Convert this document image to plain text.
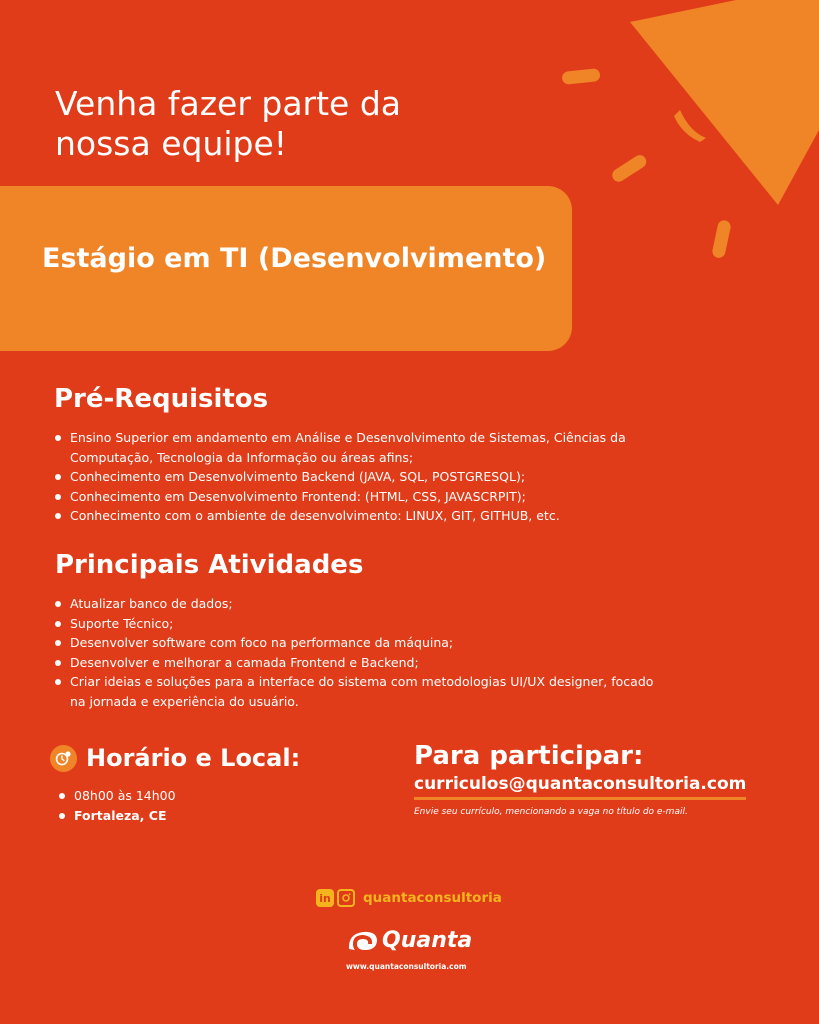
Venha fazer parte da nossa equipe!
Estágio em TI (Desenvolvimento)
Pré-Requisitos
Ensino Superior em andamento em Análise e Desenvolvimento de Sistemas, Ciências da Computação, Tecnologia da Informação ou áreas afins;
Conhecimento em Desenvolvimento Backend (JAVA, SQL, POSTGRESQL);
Conhecimento em Desenvolvimento Frontend: (HTML, CSS, JAVASCRPIT);
Conhecimento com o ambiente de desenvolvimento: LINUX, GIT, GITHUB, etc.
Principais Atividades
Atualizar banco de dados;
Suporte Técnico;
Desenvolver software com foco na performance da máquina;
Desenvolver e melhorar a camada Frontend e Backend;
Criar ideias e soluções para a interface do sistema com metodologias UI/UX designer, focado na jornada e experiência do usuário.
Horário e Local:
08h00 às 14h00
Fortaleza, CE
Para participar:
curriculos@quantaconsultoria.com
Envie seu currículo, mencionando a vaga no título do e-mail.
in quantaconsultoria
Quanta
www.quantaconsultoria.com
